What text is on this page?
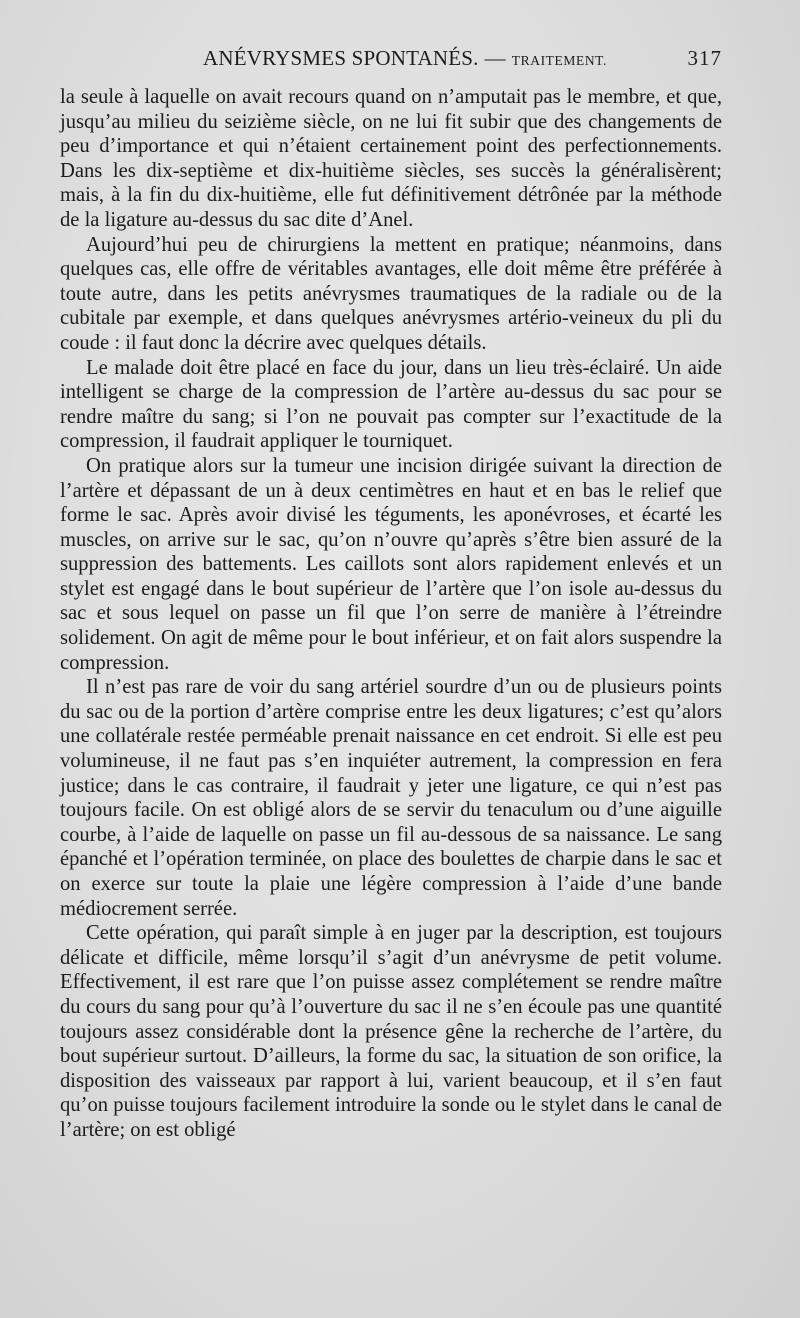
ANÉVRYSMES SPONTANÉS. — TRAITEMENT.	317

la seule à laquelle on avait recours quand on n’amputait pas le membre, et que, jusqu’au milieu du seizième siècle, on ne lui fit subir que des changements de peu d’importance et qui n’étaient certainement point des perfectionnements. Dans les dix-septième et dix-huitième siècles, ses succès la généralisèrent; mais, à la fin du dix-huitième, elle fut définitivement détrônée par la méthode de la ligature au-dessus du sac dite d’Anel.

Aujourd’hui peu de chirurgiens la mettent en pratique; néanmoins, dans quelques cas, elle offre de véritables avantages, elle doit même être préférée à toute autre, dans les petits anévrysmes traumatiques de la radiale ou de la cubitale par exemple, et dans quelques anévrysmes artério-veineux du pli du coude : il faut donc la décrire avec quelques détails.

Le malade doit être placé en face du jour, dans un lieu très-éclairé. Un aide intelligent se charge de la compression de l’artère au-dessus du sac pour se rendre maître du sang; si l’on ne pouvait pas compter sur l’exactitude de la compression, il faudrait appliquer le tourniquet.

On pratique alors sur la tumeur une incision dirigée suivant la direction de l’artère et dépassant de un à deux centimètres en haut et en bas le relief que forme le sac. Après avoir divisé les téguments, les aponévroses, et écarté les muscles, on arrive sur le sac, qu’on n’ouvre qu’après s’être bien assuré de la suppression des battements. Les caillots sont alors rapidement enlevés et un stylet est engagé dans le bout supérieur de l’artère que l’on isole au-dessus du sac et sous lequel on passe un fil que l’on serre de manière à l’étreindre solidement. On agit de même pour le bout inférieur, et on fait alors suspendre la compression.

Il n’est pas rare de voir du sang artériel sourdre d’un ou de plusieurs points du sac ou de la portion d’artère comprise entre les deux ligatures; c’est qu’alors une collatérale restée perméable prenait naissance en cet endroit. Si elle est peu volumineuse, il ne faut pas s’en inquiéter autrement, la compression en fera justice; dans le cas contraire, il faudrait y jeter une ligature, ce qui n’est pas toujours facile. On est obligé alors de se servir du tenaculum ou d’une aiguille courbe, à l’aide de laquelle on passe un fil au-dessous de sa naissance. Le sang épanché et l’opération terminée, on place des boulettes de charpie dans le sac et on exerce sur toute la plaie une légère compression à l’aide d’une bande médiocrement serrée.

Cette opération, qui paraît simple à en juger par la description, est toujours délicate et difficile, même lorsqu’il s’agit d’un anévrysme de petit volume. Effectivement, il est rare que l’on puisse assez complétement se rendre maître du cours du sang pour qu’à l’ouverture du sac il ne s’en écoule pas une quantité toujours assez considérable dont la présence gêne la recherche de l’artère, du bout supérieur surtout. D’ailleurs, la forme du sac, la situation de son orifice, la disposition des vaisseaux par rapport à lui, varient beaucoup, et il s’en faut qu’on puisse toujours facilement introduire la sonde ou le stylet dans le canal de l’artère; on est obligé
